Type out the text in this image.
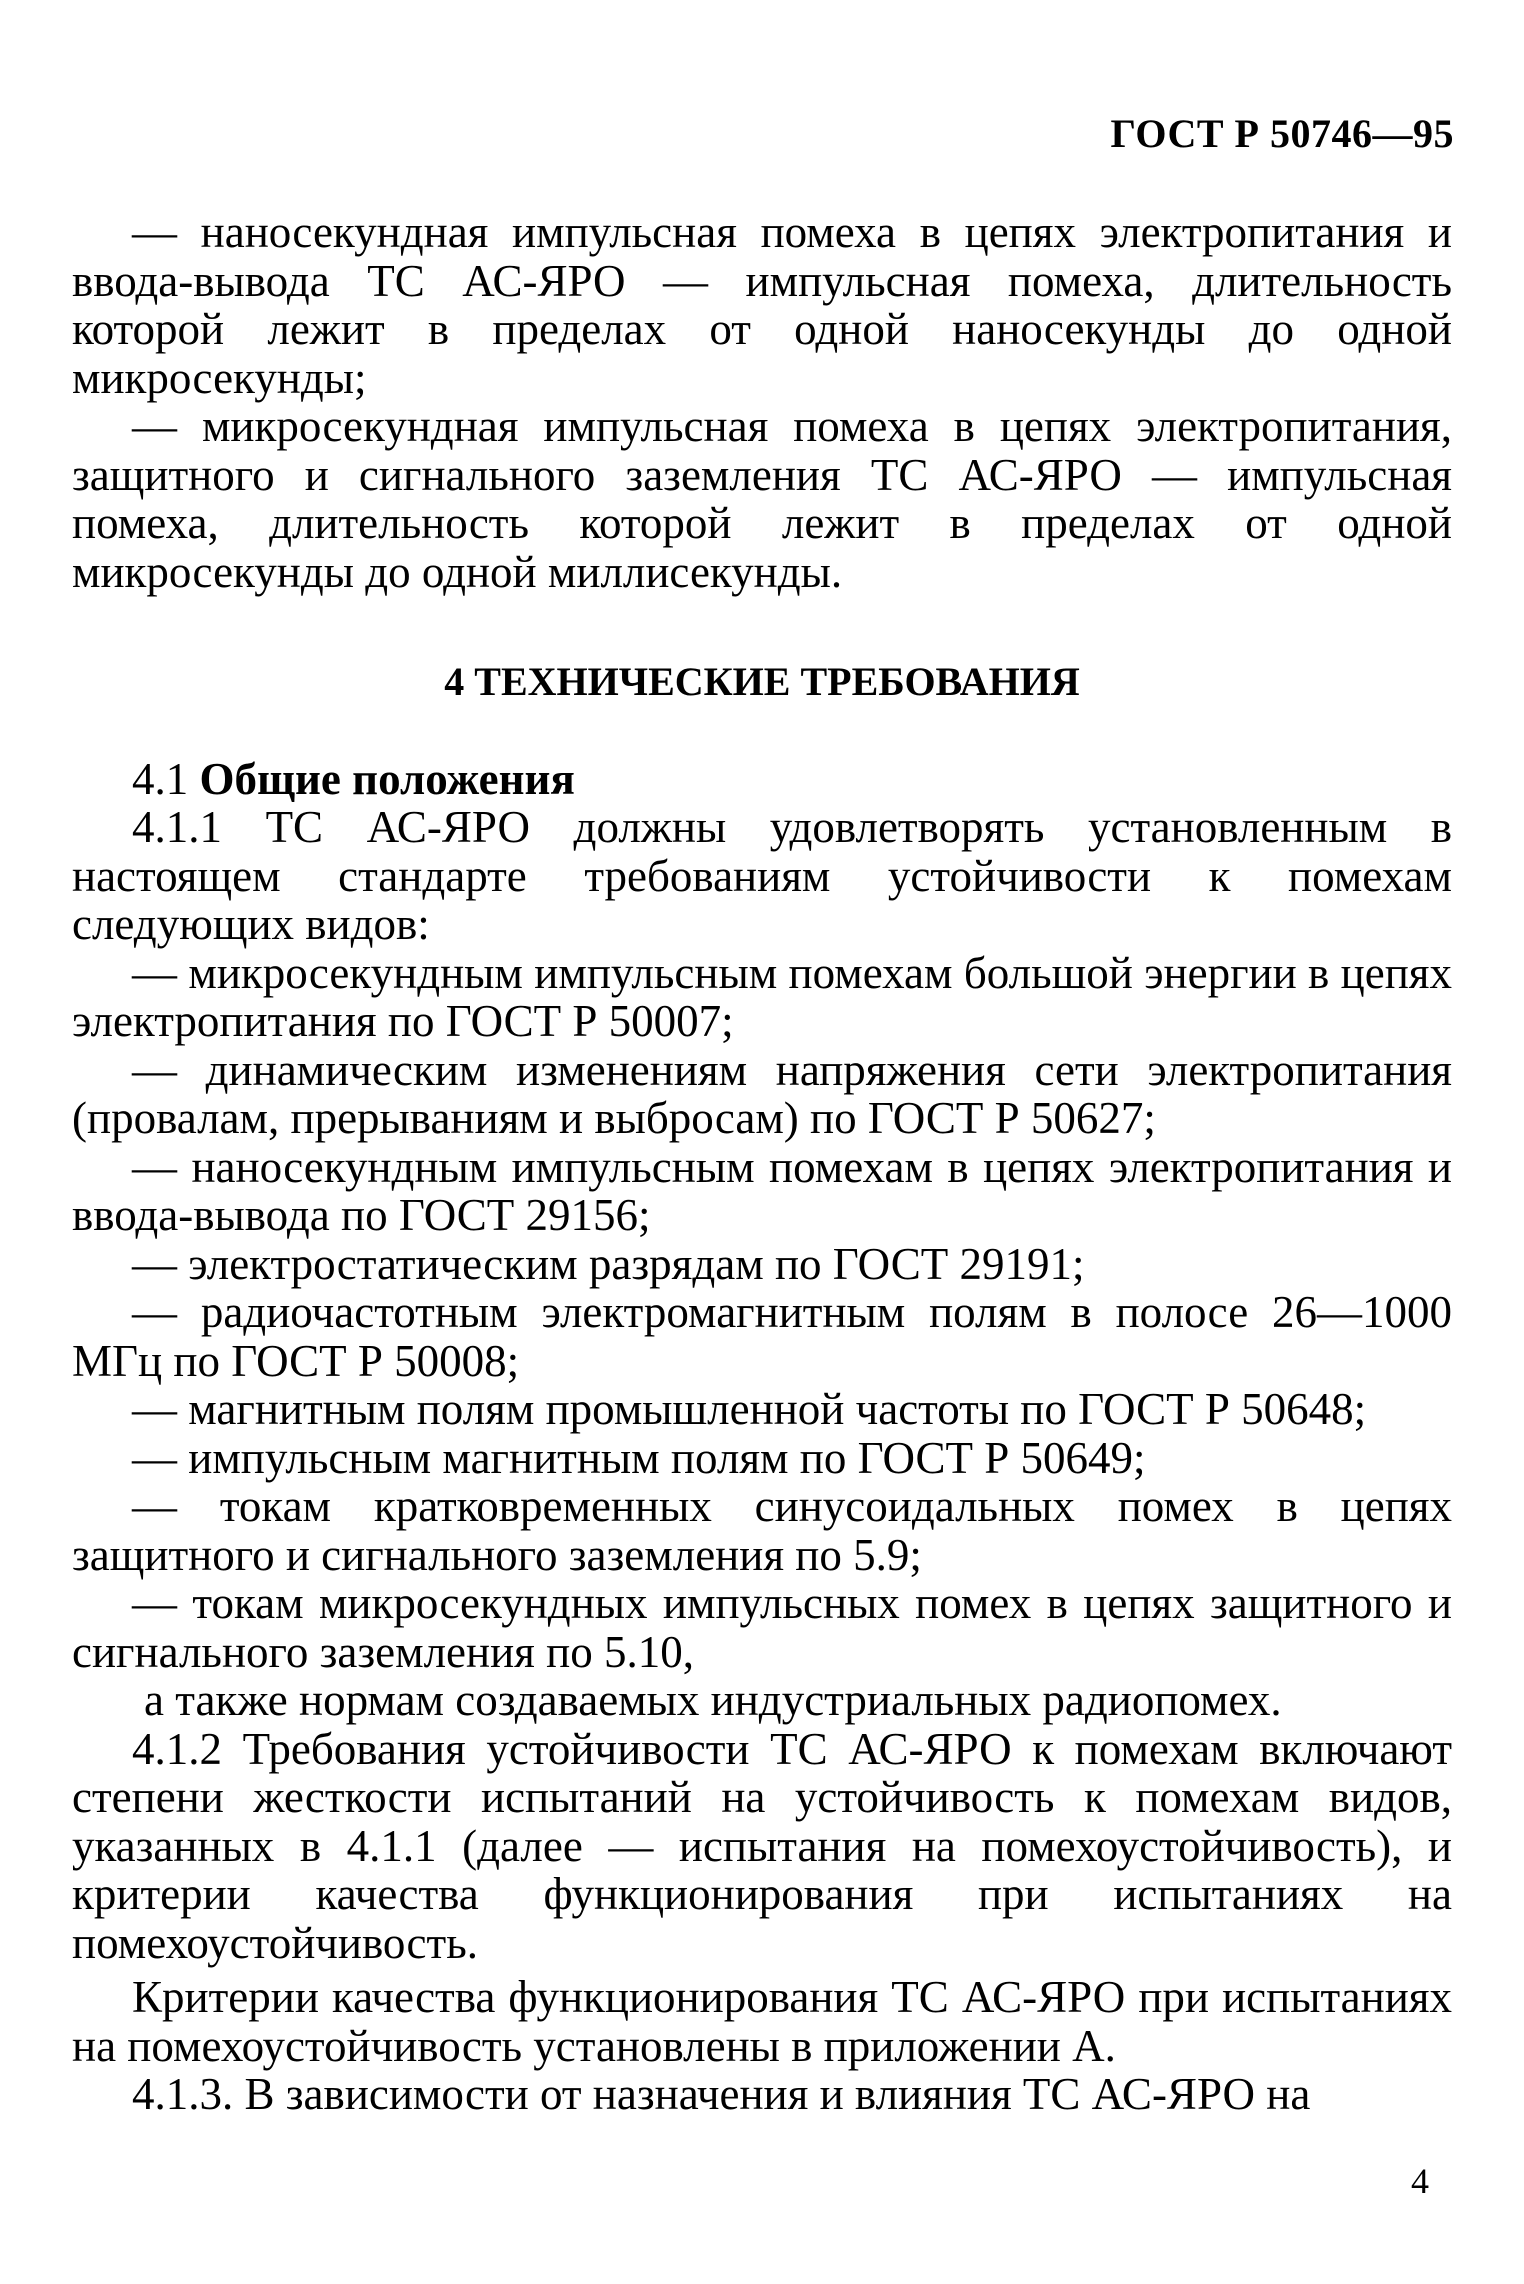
ГОСТ Р 50746—95

— наносекундная импульсная помеха в цепях электропитания и ввода-вывода ТС АС-ЯРО — импульсная помеха, длительность которой лежит в пределах от одной наносекунды до одной микросекунды;

— микросекундная импульсная помеха в цепях электропитания, защитного и сигнального заземления ТС АС-ЯРО — импульсная помеха, длительность которой лежит в пределах от одной микросекунды до одной миллисекунды.

4 ТЕХНИЧЕСКИЕ ТРЕБОВАНИЯ

4.1 Общие положения

4.1.1 ТС АС-ЯРО должны удовлетворять установленным в настоящем стандарте требованиям устойчивости к помехам следующих видов:

— микросекундным импульсным помехам большой энергии в цепях электропитания по ГОСТ Р 50007;

— динамическим изменениям напряжения сети электропитания (провалам, прерываниям и выбросам) по ГОСТ Р 50627;

— наносекундным импульсным помехам в цепях электропитания и ввода-вывода по ГОСТ 29156;

— электростатическим разрядам по ГОСТ 29191;

— радиочастотным электромагнитным полям в полосе 26—1000 МГц по ГОСТ Р 50008;

— магнитным полям промышленной частоты по ГОСТ Р 50648;

— импульсным магнитным полям по ГОСТ Р 50649;

— токам кратковременных синусоидальных помех в цепях защитного и сигнального заземления по 5.9;

— токам микросекундных импульсных помех в цепях защитного и сигнального заземления по 5.10,

а также нормам создаваемых индустриальных радиопомех.

4.1.2 Требования устойчивости ТС АС-ЯРО к помехам включают степени жесткости испытаний на устойчивость к помехам видов, указанных в 4.1.1 (далее — испытания на помехоустойчивость), и критерии качества функционирования при испытаниях на помехоустойчивость.

Критерии качества функционирования ТС АС-ЯРО при испытаниях на помехоустойчивость установлены в приложении А.

4.1.3. В зависимости от назначения и влияния ТС АС-ЯРО на

4
